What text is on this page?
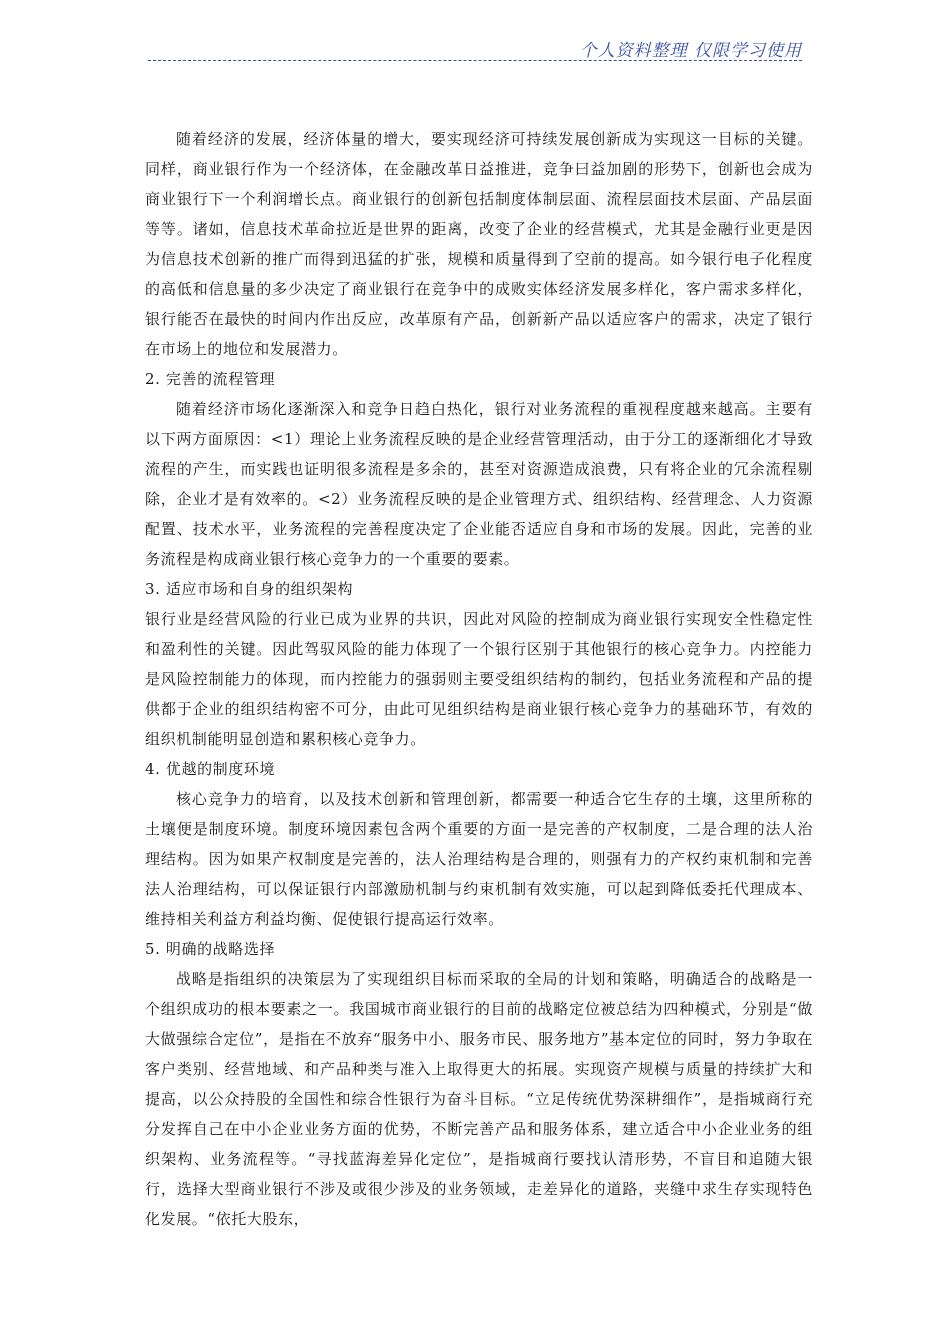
个人资料整理 仅限学习使用

随着经济的发展，经济体量的增大，要实现经济可持续发展创新成为实现这一目标的关键。同样，商业银行作为一个经济体，在金融改革日益推进，竞争曰益加剧的形势下，创新也会成为商业银行下一个利润增长点。商业银行的创新包括制度体制层面、流程层面技术层面、产品层面等等。诸如，信息技术革命拉近是世界的距离，改变了企业的经营模式，尤其是金融行业更是因为信息技术创新的推广而得到迅猛的扩张，规模和质量得到了空前的提高。如今银行电子化程度的高低和信息量的多少决定了商业银行在竞争中的成败实体经济发展多样化，客户需求多样化，银行能否在最快的时间内作出反应，改革原有产品，创新新产品以适应客户的需求，决定了银行在市场上的地位和发展潜力。

2. 完善的流程管理

随着经济市场化逐渐深入和竞争日趋白热化，银行对业务流程的重视程度越来越高。主要有以下两方面原因：<1）理论上业务流程反映的是企业经营管理活动，由于分工的逐渐细化才导致流程的产生，而实践也证明很多流程是多余的，甚至对资源造成浪费，只有将企业的冗余流程剔除，企业才是有效率的。<2）业务流程反映的是企业管理方式、组织结构、经营理念、人力资源配置、技术水平，业务流程的完善程度决定了企业能否适应自身和市场的发展。因此，完善的业务流程是构成商业银行核心竞争力的一个重要的要素。

3. 适应市场和自身的组织架构

银行业是经营风险的行业已成为业界的共识，因此对风险的控制成为商业银行实现安全性稳定性和盈利性的关键。因此驾驭风险的能力体现了一个银行区别于其他银行的核心竞争力。内控能力是风险控制能力的体现，而内控能力的强弱则主要受组织结构的制约，包括业务流程和产品的提供都于企业的组织结构密不可分，由此可见组织结构是商业银行核心竞争力的基础环节，有效的组织机制能明显创造和累积核心竞争力。

4. 优越的制度环境

核心竞争力的培育，以及技术创新和管理创新，都需要一种适合它生存的土壤，这里所称的土壤便是制度环境。制度环境因素包含两个重要的方面一是完善的产权制度，二是合理的法人治理结构。因为如果产权制度是完善的，法人治理结构是合理的，则强有力的产权约束机制和完善法人治理结构，可以保证银行内部激励机制与约束机制有效实施，可以起到降低委托代理成本、维持相关利益方利益均衡、促使银行提高运行效率。

5. 明确的战略选择

战略是指组织的决策层为了实现组织目标而采取的全局的计划和策略，明确适合的战略是一个组织成功的根本要素之一。我国城市商业银行的目前的战略定位被总结为四种模式，分别是“做大做强综合定位”，是指在不放弃“服务中小、服务市民、服务地方”基本定位的同时，努力争取在客户类别、经营地域、和产品种类与准入上取得更大的拓展。实现资产规模与质量的持续扩大和提高，以公众持股的全国性和综合性银行为奋斗目标。“立足传统优势深耕细作”，是指城商行充分发挥自己在中小企业业务方面的优势，不断完善产品和服务体系，建立适合中小企业业务的组织架构、业务流程等。“寻找蓝海差异化定位”，是指城商行要找认清形势，不盲目和追随大银行，选择大型商业银行不涉及或很少涉及的业务领域，走差异化的道路，夹缝中求生存实现特色化发展。“依托大股东，
